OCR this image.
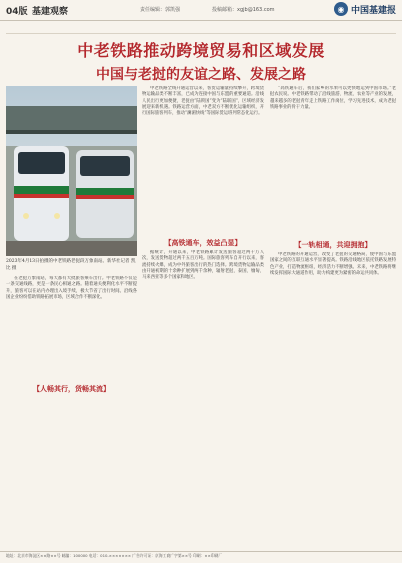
04版 基建观察	责任编辑：郭凯强	投稿邮箱：xgjb@163.com	◉ 中国基建报
中老铁路推动跨境贸易和区域发展
中国与老挝的友谊之路、发展之路
2023年4月13日拍摄的中老铁路老挝段万象南站。新华社记者 凯比 摄

中老铁路全线开通运营以来，客货运输量持续攀升，跨境货物运输品类不断丰富，已成为连接中国与东盟的重要通道。沿线人民出行更加便捷，老挝由“陆锁国”变为“陆联国”，区域经济发展迎来新机遇。铁路运营方面，中老双方不断优化运输组织，开行国际旅客列车，推动“澜湄快线”等国际货运班列常态化运行。

【高铁通车，效益凸显】

据统计，开通以来，中老铁路累计发送旅客超过两千万人次，发送货物超过两千五百万吨。国际旅客列车自开行以来，客流持续火爆，成为中外旅客出行的热门选择。跨境货物运输品类由开通初期的十余种扩展到两千余种，辐射老挝、泰国、缅甸、马来西亚等多个国家和地区。

“高铁通车后，我们家乡的水果可以更快地运到中国市场。”老挝农民说。中老铁路带动了沿线旅游、物流、农业等产业的发展，越来越多的老挝青年走上铁路工作岗位，学习先进技术，成为老挝铁路事业的骨干力量。

【一轨相通，共迎拥抱】

中老铁路的开通运营，改变了老挝的交通格局，使中国与东盟国家之间的互联互通水平显著提高。铁路沿线地区依托铁路发展特色产业，打造物流枢纽，经济活力不断增强。未来，中老铁路将继续发挥国际大通道作用，助力构建更为紧密的命运共同体。

在老挝万象南站，每天都有大批旅客乘车出行。中老铁路不仅是一条交通线路，更是一条民心相通之路。随着通关便利化水平不断提升，旅客可以在站内办理出入境手续，极大节省了出行时间。沿线各国企业纷纷借助铁路拓展市场，区域合作不断深化。

【人畅其行，货畅其流】
地址：北京市海淀区××路××号 邮编：100000 电话：010-××××××× 广告许可证：京海工商广字第××号 印刷：××印刷厂
